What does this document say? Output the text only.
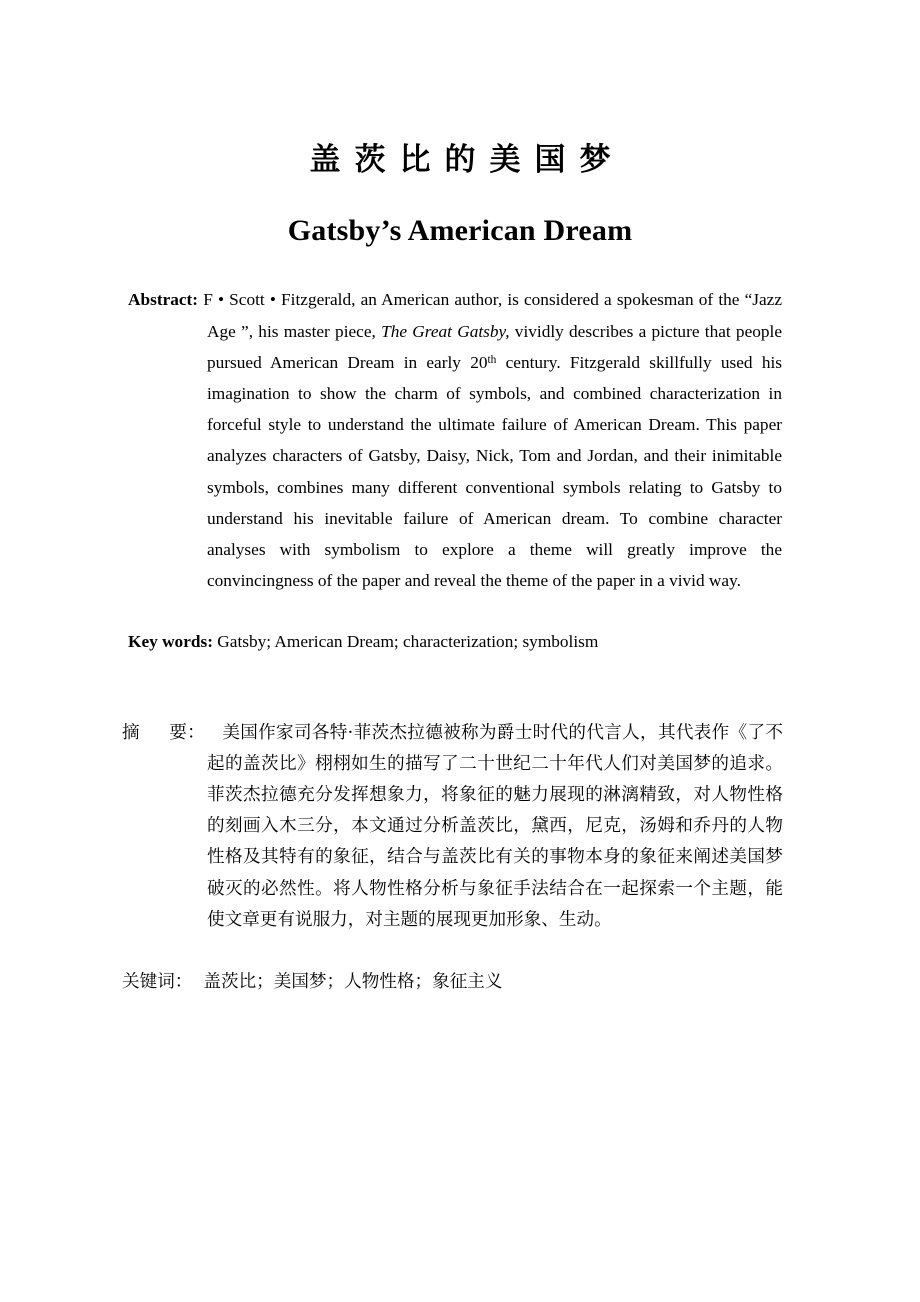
盖茨比的美国梦
Gatsby’s American Dream

Abstract: F • Scott • Fitzgerald, an American author, is considered a spokesman of the “Jazz Age ”, his master piece, The Great Gatsby, vividly describes a picture that people pursued American Dream in early 20th century. Fitzgerald skillfully used his imagination to show the charm of symbols, and combined characterization in forceful style to understand the ultimate failure of American Dream. This paper analyzes characters of Gatsby, Daisy, Nick, Tom and Jordan, and their inimitable symbols, combines many different conventional symbols relating to Gatsby to understand his inevitable failure of American dream. To combine character analyses with symbolism to explore a theme will greatly improve the convincingness of the paper and reveal the theme of the paper in a vivid way.

Key words: Gatsby; American Dream; characterization; symbolism

摘 要： 美国作家司各特·菲茨杰拉德被称为爵士时代的代言人，其代表作《了不起的盖茨比》栩栩如生的描写了二十世纪二十年代人们对美国梦的追求。菲茨杰拉德充分发挥想象力，将象征的魅力展现的淋漓精致，对人物性格的刻画入木三分，本文通过分析盖茨比，黛西，尼克，汤姆和乔丹的人物性格及其特有的象征，结合与盖茨比有关的事物本身的象征来阐述美国梦破灭的必然性。将人物性格分析与象征手法结合在一起探索一个主题，能使文章更有说服力，对主题的展现更加形象、生动。

关键词： 盖茨比；美国梦；人物性格；象征主义
